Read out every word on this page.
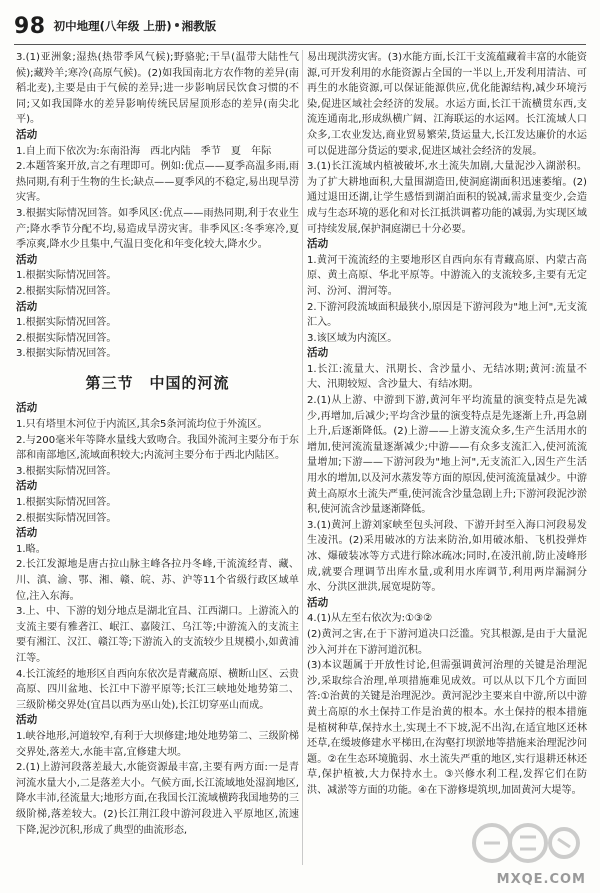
98 初中地理(八年级 上册) 湘教版

3.(1)亚洲象;湿热(热带季风气候);野骆驼;干旱(温带大陆性气候);藏羚羊;寒冷(高原气候)。(2)如我国南北方农作物的差异(南稻北麦),主要是由于气候的差异;进一步影响居民饮食习惯的不同;又如我国降水的差异影响传统民居屋顶形态的差异(南尖北平)。

活动

1.自上而下依次为:东南沿海　西北内陆　季节　夏　年际

2.本题答案开放,言之有理即可。例如:优点——夏季高温多雨,雨热同期,有利于生物的生长;缺点——夏季风的不稳定,易出现旱涝灾害。

3.根据实际情况回答。如季风区:优点——雨热同期,利于农业生产;降水季节分配不均,易造成旱涝灾害。非季风区:冬季寒冷,夏季凉爽,降水少且集中,气温日变化和年变化较大,降水少。

活动

1.根据实际情况回答。

2.根据实际情况回答。

活动

1.根据实际情况回答。

2.根据实际情况回答。

3.根据实际情况回答。

第三节　中国的河流

活动

1.只有塔里木河位于内流区,其余5条河流均位于外流区。

2.与200毫米年等降水量线大致吻合。我国外流河主要分布于东部和南部地区,流域面积较大;内流河主要分布于西北内陆区。

3.根据实际情况回答。

活动

1.根据实际情况回答。

2.根据实际情况回答。

活动

1.略。

2.长江发源地是唐古拉山脉主峰各拉丹冬峰,干流流经青、藏、川、滇、渝、鄂、湘、赣、皖、苏、沪等11个省级行政区域单位,注入东海。

3.上、中、下游的划分地点是湖北宜昌、江西湖口。上游流入的支流主要有雅砻江、岷江、嘉陵江、乌江等;中游流入的支流主要有湘江、汉江、赣江等;下游流入的支流较少且规模小,如黄浦江等。

4.长江流经的地形区自西向东依次是青藏高原、横断山区、云贵高原、四川盆地、长江中下游平原等;长江三峡地处地势第二、三级阶梯交界处(宜昌以西为巫山处),长江切穿巫山而成。

活动

1.峡谷地形,河道较窄,有利于大坝修建;地处地势第二、三级阶梯交界处,落差大,水能丰富,宜修建大坝。

2.(1)上游河段落差最大,水能资源最丰富,主要有两方面:一是青河流水量大小,二是落差大小。气候方面,长江流域地处湿润地区,降水丰沛,径流量大;地形方面,在我国长江流域横跨我国地势的三级阶梯,落差较大。(2)长江荆江段中游河段进入平原地区,流速下降,泥沙沉积,形成了典型的曲流形态,

易出现洪涝灾害。(3)水能方面,长江干支流蕴藏着丰富的水能资源,可开发利用的水能资源占全国的一半以上,开发利用清洁、可再生的水能资源,可以保证能源供应,优化能源结构,减少环境污染,促进区域社会经济的发展。水运方面,长江干流横贯东西,支流连通南北,形成纵横广阔、江海联运的水运网。长江流域人口众多,工农业发达,商业贸易繁荣,货运量大,长江发达廉价的水运可以促进部分货运的要求,促进区域社会经济的发展。

3.(1)长江流域内植被破坏,水土流失加剧,大量泥沙入湖淤积。为了扩大耕地面积,大量围湖造田,使洞庭湖面积迅速萎缩。(2)通过退田还湖,让学生感悟到湖泊面积的锐减,需求量变少,会造成与生态环境的恶化和对长江抵洪调蓄功能的减弱,为实现区域可持续发展,保护洞庭湖已十分必要。

活动

1.黄河干流流经的主要地形区自西向东有青藏高原、内蒙古高原、黄土高原、华北平原等。中游流入的支流较多,主要有无定河、汾河、渭河等。

2.下游河段流域面积最狭小,原因是下游河段为"地上河",无支流汇入。

3.该区域为内流区。

活动

1.长江:流量大、汛期长、含沙量小、无结冰期;黄河:流量不大、汛期较短、含沙量大、有结冰期。

2.(1)从上游、中游到下游,黄河年平均流量的演变特点是先减少,再增加,后减少;平均含沙量的演变特点是先逐渐上升,再急剧上升,后逐渐降低。(2)上游——上游支流众多,生产生活用水的增加,使河流流量逐渐减少;中游——有众多支流汇入,使河流流量增加;下游——下游河段为"地上河",无支流汇入,因生产生活用水的增加,以及河水蒸发等方面的原因,使河流流量减少。中游黄土高原水土流失严重,使河流含沙量急剧上升;下游河段泥沙淤积,使河流含沙量逐渐降低。

3.(1)黄河上游刘家峡至包头河段、下游开封至入海口河段易发生凌汛。(2)采用破冰的方法来防治,如用破冰船、飞机投弹炸冰、爆破装冰等方式进行除冰疏冰;同时,在凌汛前,防止凌峰形成,就要合理调节出库水量,或利用水库调节,利用两岸漏洞分水、分洪区泄洪,展宽堤防等。

活动

4.(1)从左至右依次为:①③②

(2)黄河之害,在于下游河道决口泛滥。究其根源,是由于大量泥沙入河并在下游河道沉积。

(3)本议题属于开放性讨论,但需强调黄河治理的关键是治理泥沙,采取综合治理,单项措施难见成效。可以从以下几个方面回答:①治黄的关键是治理泥沙。黄河泥沙主要来自中游,所以中游黄土高原的水土保持工作是治黄的根本。水土保持的根本措施是植树种草,保持水土,实现土不下坡,泥不出沟,在适宜地区还林还草,在缓坡修建水平梯田,在沟壑打坝淤地等措施来治理泥沙问题。②在生态环境脆弱、水土流失严重的地区,实行退耕还林还草,保护植被,大力保持水土。③兴修水利工程,发挥它们在防洪、减淤等方面的功能。④在下游修堤筑坝,加固黄河大堤等。

MXQE.COM
